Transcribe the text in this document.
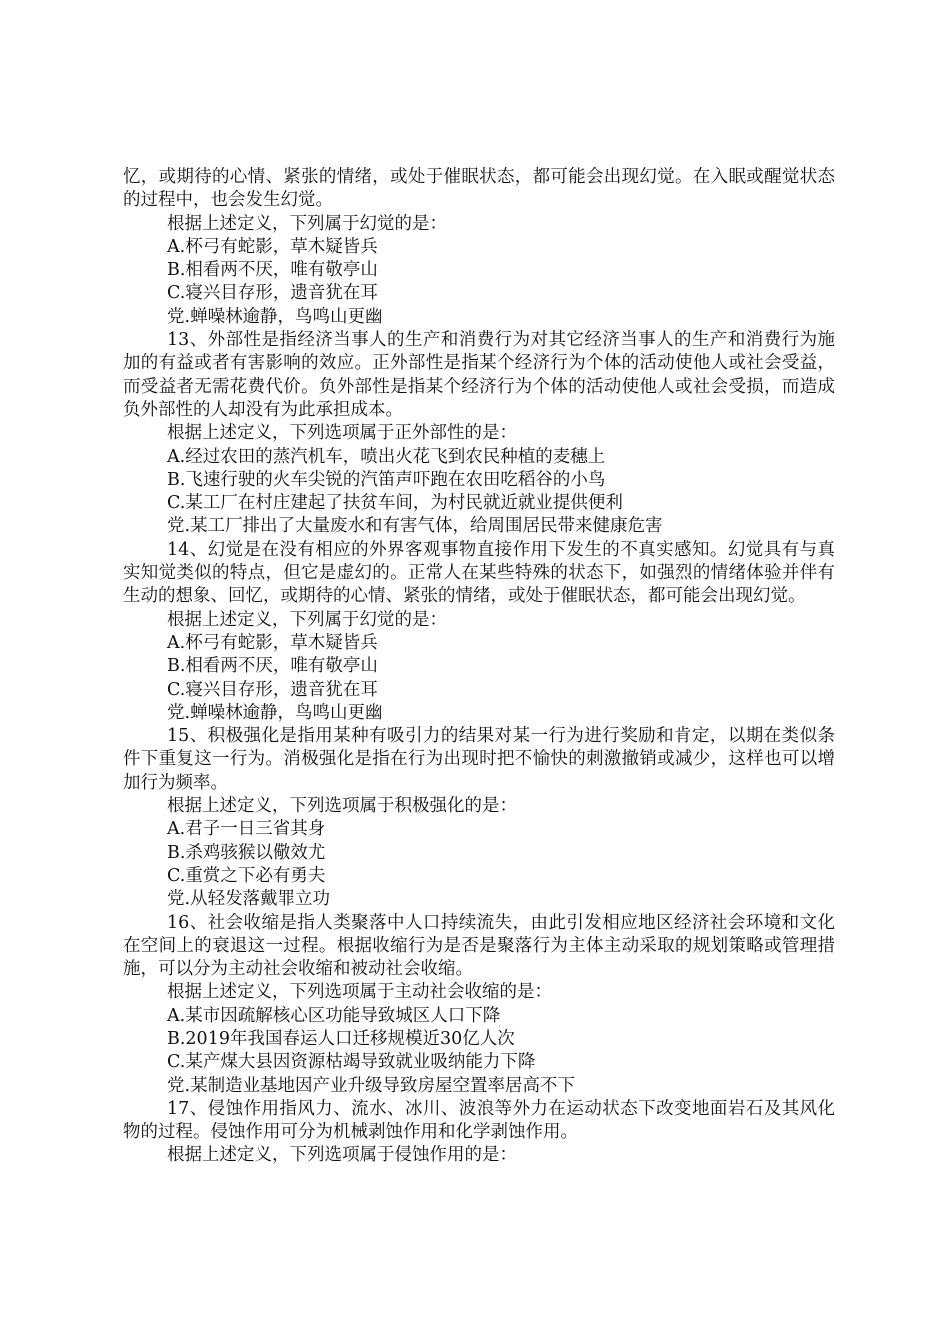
忆，或期待的心情、紧张的情绪，或处于催眠状态，都可能会出现幻觉。在入眠或醒觉状态的过程中，也会发生幻觉。

根据上述定义，下列属于幻觉的是：

A.杯弓有蛇影，草木疑皆兵

B.相看两不厌，唯有敬亭山

C.寝兴目存形，遗音犹在耳

党.蝉噪林逾静，鸟鸣山更幽

13、外部性是指经济当事人的生产和消费行为对其它经济当事人的生产和消费行为施加的有益或者有害影响的效应。正外部性是指某个经济行为个体的活动使他人或社会受益，而受益者无需花费代价。负外部性是指某个经济行为个体的活动使他人或社会受损，而造成负外部性的人却没有为此承担成本。

根据上述定义，下列选项属于正外部性的是：

A.经过农田的蒸汽机车，喷出火花飞到农民种植的麦穗上

B.飞速行驶的火车尖锐的汽笛声吓跑在农田吃稻谷的小鸟

C.某工厂在村庄建起了扶贫车间，为村民就近就业提供便利

党.某工厂排出了大量废水和有害气体，给周围居民带来健康危害

14、幻觉是在没有相应的外界客观事物直接作用下发生的不真实感知。幻觉具有与真实知觉类似的特点，但它是虚幻的。正常人在某些特殊的状态下，如强烈的情绪体验并伴有生动的想象、回忆，或期待的心情、紧张的情绪，或处于催眠状态，都可能会出现幻觉。

根据上述定义，下列属于幻觉的是：

A.杯弓有蛇影，草木疑皆兵

B.相看两不厌，唯有敬亭山

C.寝兴目存形，遗音犹在耳

党.蝉噪林逾静，鸟鸣山更幽

15、积极强化是指用某种有吸引力的结果对某一行为进行奖励和肯定，以期在类似条件下重复这一行为。消极强化是指在行为出现时把不愉快的刺激撤销或减少，这样也可以增加行为频率。

根据上述定义，下列选项属于积极强化的是：

A.君子一日三省其身

B.杀鸡骇猴以儆效尤

C.重赏之下必有勇夫

党.从轻发落戴罪立功

16、社会收缩是指人类聚落中人口持续流失，由此引发相应地区经济社会环境和文化在空间上的衰退这一过程。根据收缩行为是否是聚落行为主体主动采取的规划策略或管理措施，可以分为主动社会收缩和被动社会收缩。

根据上述定义，下列选项属于主动社会收缩的是：

A.某市因疏解核心区功能导致城区人口下降

B.2019年我国春运人口迁移规模近30亿人次

C.某产煤大县因资源枯竭导致就业吸纳能力下降

党.某制造业基地因产业升级导致房屋空置率居高不下

17、侵蚀作用指风力、流水、冰川、波浪等外力在运动状态下改变地面岩石及其风化物的过程。侵蚀作用可分为机械剥蚀作用和化学剥蚀作用。

根据上述定义，下列选项属于侵蚀作用的是：
